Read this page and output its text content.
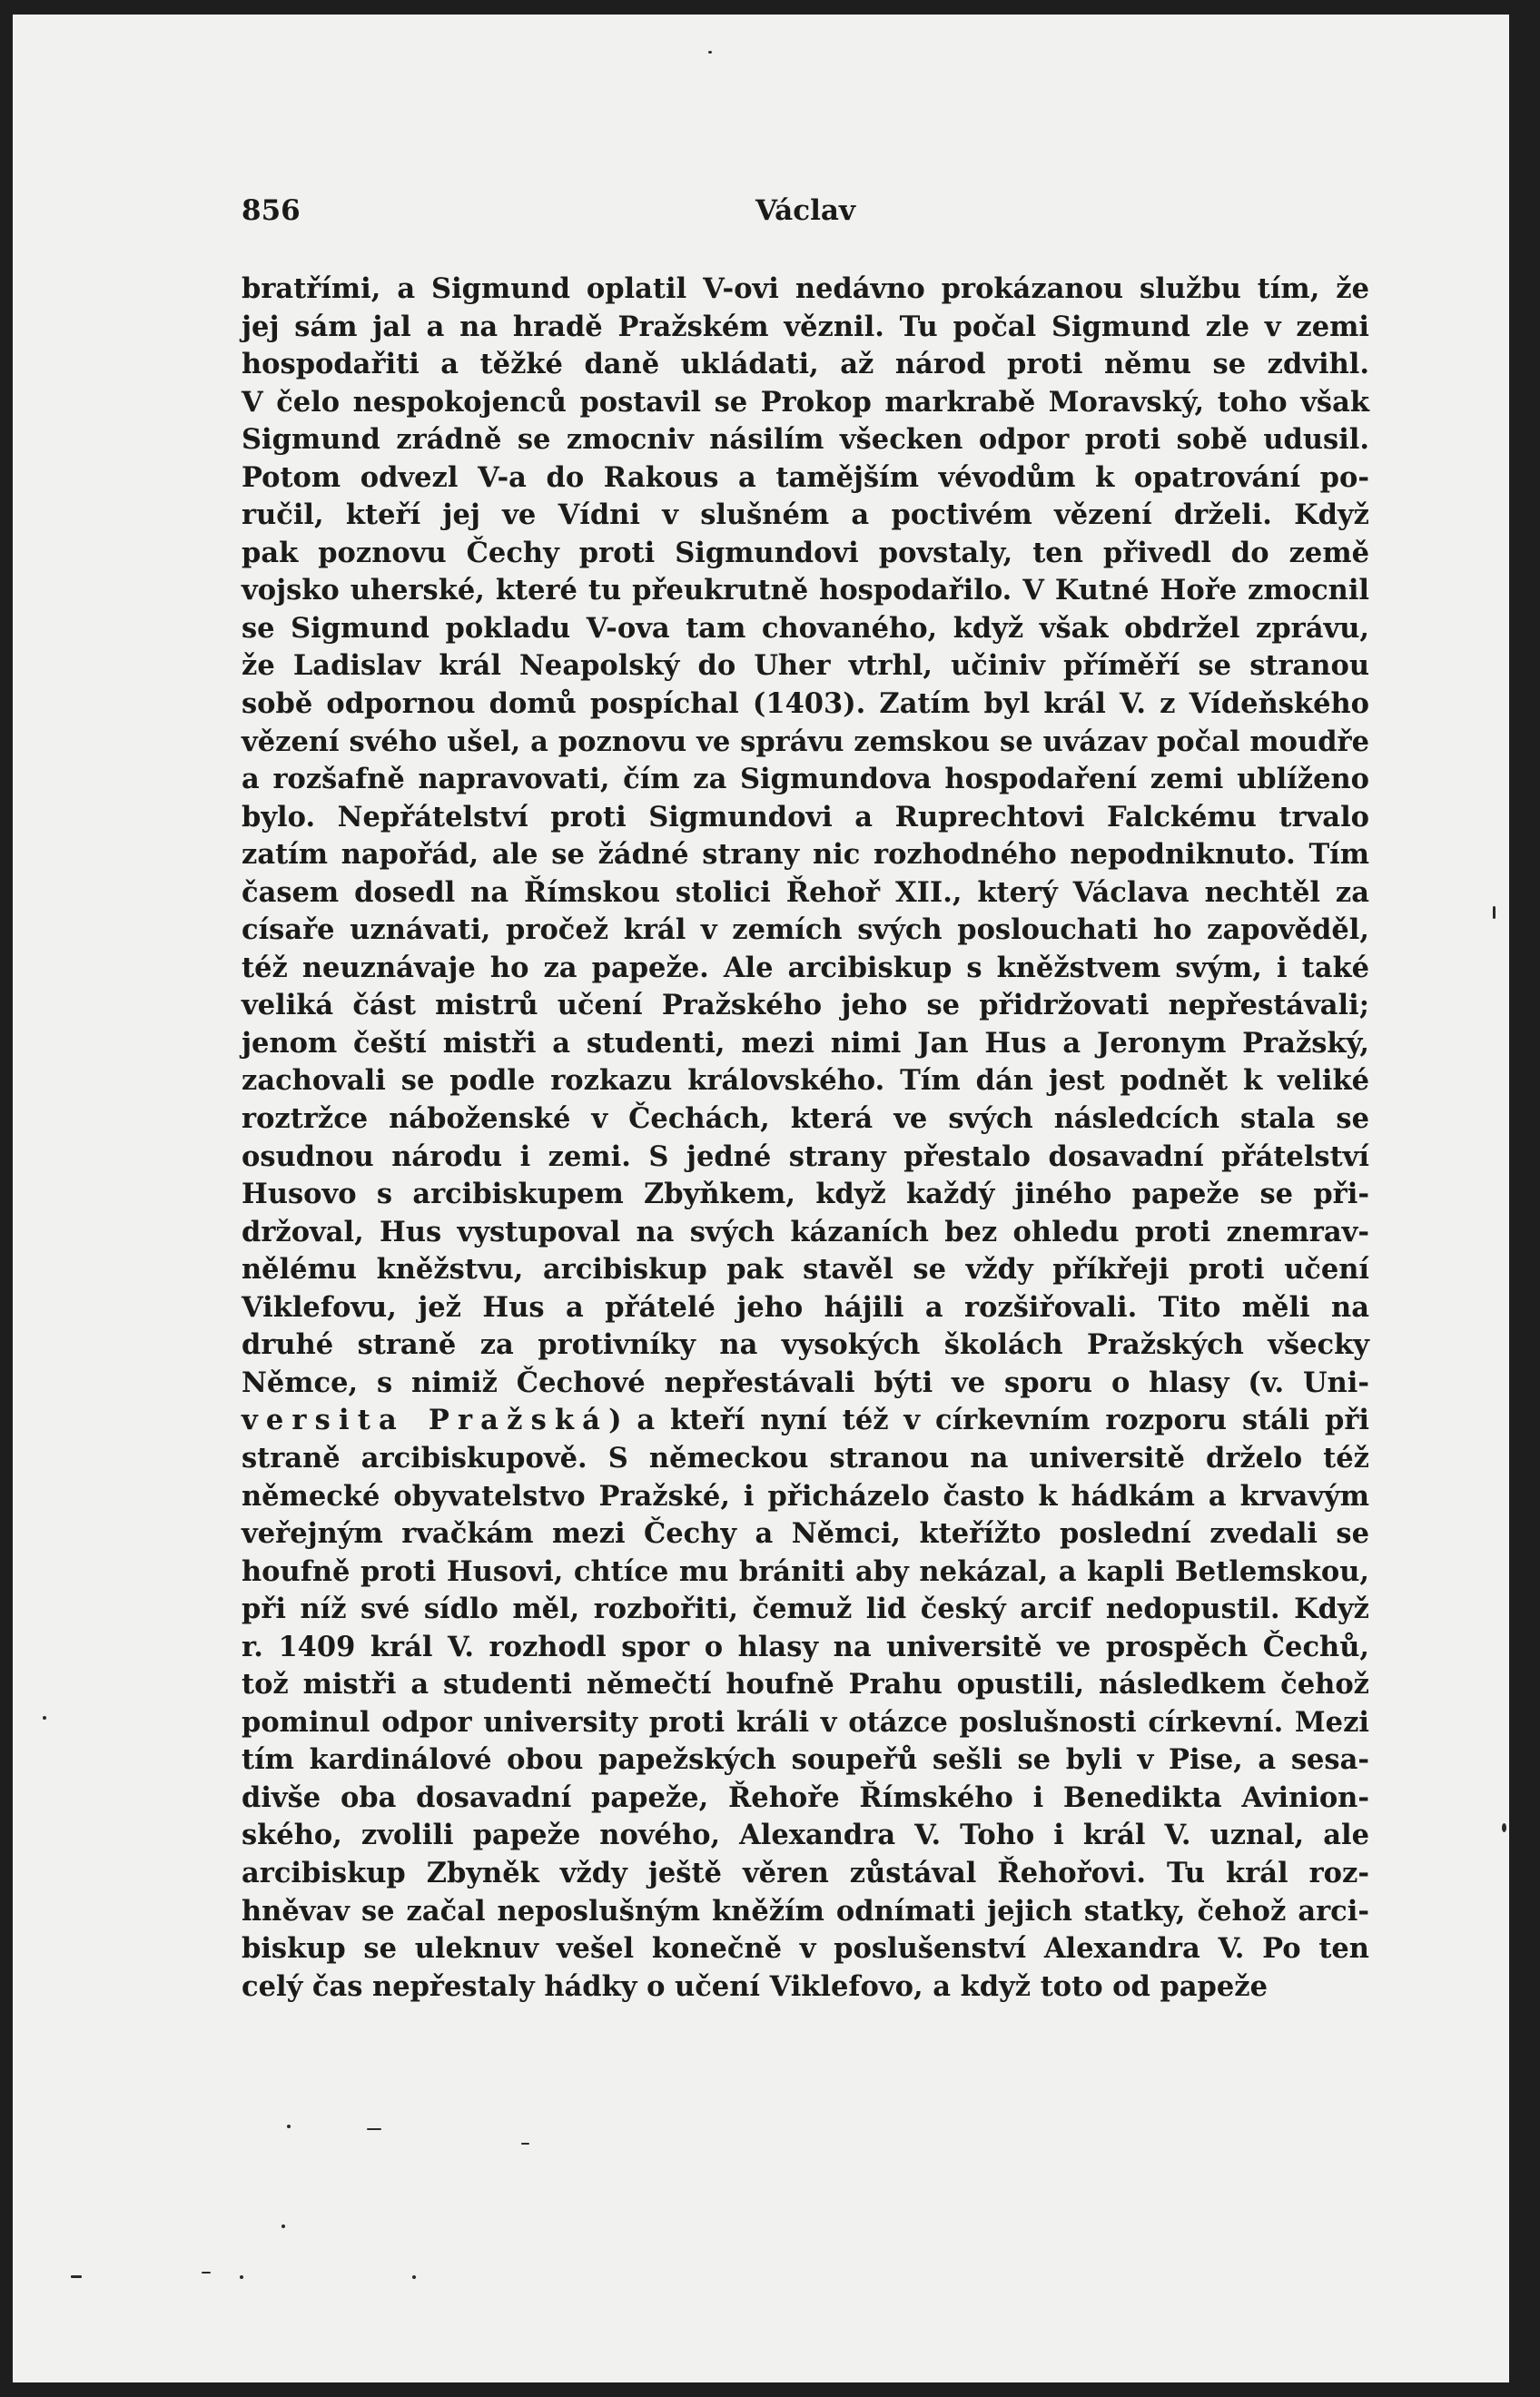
856	Václav
bratřími, a Sigmund oplatil V-ovi nedávno prokázanou službu tím, že
jej sám jal a na hradě Pražském věznil. Tu počal Sigmund zle v zemi
hospodařiti a těžké daně ukládati, až národ proti němu se zdvihl.
V čelo nespokojenců postavil se Prokop markrabě Moravský, toho však
Sigmund zrádně se zmocniv násilím všecken odpor proti sobě udusil.
Potom odvezl V-a do Rakous a tamějším vévodům k opatrování po-
ručil, kteří jej ve Vídni v slušném a poctivém vězení drželi. Když
pak poznovu Čechy proti Sigmundovi povstaly, ten přivedl do země
vojsko uherské, které tu přeukrutně hospodařilo. V Kutné Hoře zmocnil
se Sigmund pokladu V-ova tam chovaného, když však obdržel zprávu,
že Ladislav král Neapolský do Uher vtrhl, učiniv příměří se stranou
sobě odpornou domů pospíchal (1403). Zatím byl král V. z Vídeňského
vězení svého ušel, a poznovu ve správu zemskou se uvázav počal moudře
a rozšafně napravovati, čím za Sigmundova hospodaření zemi ublíženo
bylo. Nepřátelství proti Sigmundovi a Ruprechtovi Falckému trvalo
zatím napořád, ale se žádné strany nic rozhodného nepodniknuto. Tím
časem dosedl na Římskou stolici Řehoř XII., který Václava nechtěl za
císaře uznávati, pročež král v zemích svých poslouchati ho zapověděl,
též neuznávaje ho za papeže. Ale arcibiskup s kněžstvem svým, i také
veliká část mistrů učení Pražského jeho se přidržovati nepřestávali;
jenom čeští mistři a studenti, mezi nimi Jan Hus a Jeronym Pražský,
zachovali se podle rozkazu královského. Tím dán jest podnět k veliké
roztržce náboženské v Čechách, která ve svých následcích stala se
osudnou národu i zemi. S jedné strany přestalo dosavadní přátelství
Husovo s arcibiskupem Zbyňkem, když každý jiného papeže se při-
držoval, Hus vystupoval na svých kázaních bez ohledu proti znemrav-
nělému kněžstvu, arcibiskup pak stavěl se vždy příkřeji proti učení
Viklefovu, jež Hus a přátelé jeho hájili a rozšiřovali. Tito měli na
druhé straně za protivníky na vysokých školách Pražských všecky
Němce, s nimiž Čechové nepřestávali býti ve sporu o hlasy (v. Uni-
versita Pražská) a kteří nyní též v církevním rozporu stáli při
straně arcibiskupově. S německou stranou na universitě drželo též
německé obyvatelstvo Pražské, i přicházelo často k hádkám a krvavým
veřejným rvačkám mezi Čechy a Němci, kteřížto poslední zvedali se
houfně proti Husovi, chtíce mu brániti aby nekázal, a kapli Betlemskou,
při níž své sídlo měl, rozbořiti, čemuž lid český arcif nedopustil. Když
r. 1409 král V. rozhodl spor o hlasy na universitě ve prospěch Čechů,
tož mistři a studenti němečtí houfně Prahu opustili, následkem čehož
pominul odpor university proti králi v otázce poslušnosti církevní. Mezi
tím kardinálové obou papežských soupeřů sešli se byli v Pise, a sesa-
divše oba dosavadní papeže, Řehoře Římského i Benedikta Avinion-
ského, zvolili papeže nového, Alexandra V. Toho i král V. uznal, ale
arcibiskup Zbyněk vždy ještě věren zůstával Řehořovi. Tu král roz-
hněvav se začal neposlušným kněžím odnímati jejich statky, čehož arci-
biskup se uleknuv vešel konečně v poslušenství Alexandra V. Po ten
celý čas nepřestaly hádky o učení Viklefovo, a když toto od papeže
